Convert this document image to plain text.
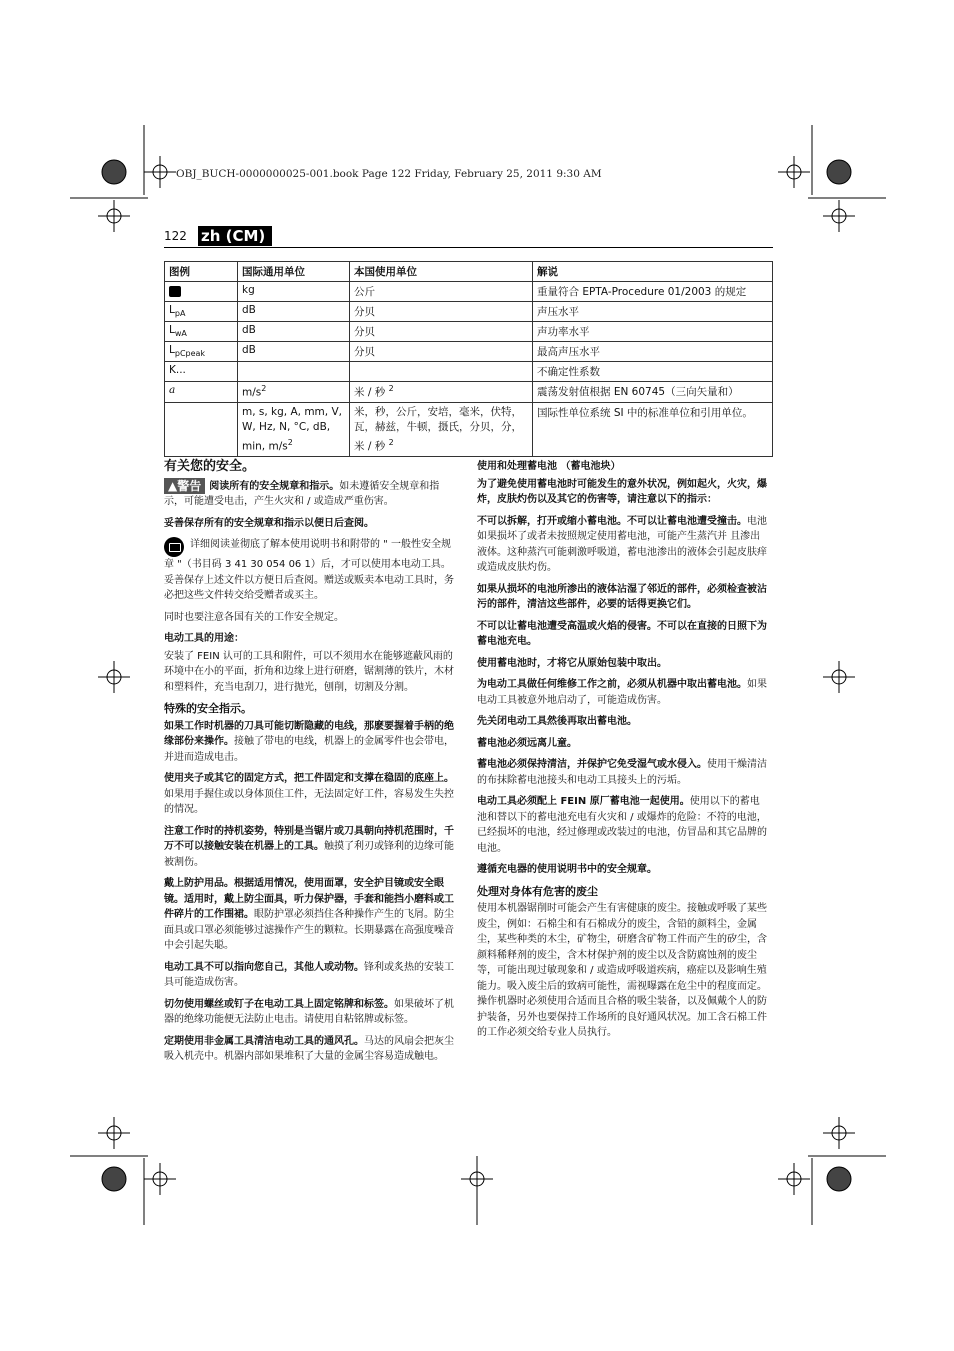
OBJ_BUCH-0000000025-001.book Page 122 Friday, February 25, 2011 9:30 AM
122 zh (CM)
图例	国际通用单位	本国使用单位	解说
	kg	公斤	重量符合 EPTA-Procedure 01/2003 的规定
$L_{pA}$	dB	分贝	声压水平
$L_{wA}$	dB	分贝	声功率水平
$L_{pCpeak}$	dB	分贝	最高声压水平
K...			不确定性系数
a	$m/s^2$	米 / 秒 $^2$	震荡发射值根据 EN 60745（三向矢量和）
	m, s, kg, A, mm, V, W, Hz, N, °C, dB, min, $m/s^2$	米，秒，公斤，安培，毫米，伏特，瓦，赫兹，牛顿，摄氏，分贝，分，米 / 秒 $^2$	国际性单位系统 SI 中的标准单位和引用单位。
有关您的安全。

▲警告 阅读所有的安全规章和指示。如未遵循安全规章和指示，可能遭受电击，产生火灾和 / 或造成严重伤害。

妥善保存所有的安全规章和指示以便日后查阅。

详细阅读並彻底了解本使用说明书和附带的 " 一般性安全规章 "（书目码 3 41 30 054 06 1）后，才可以使用本电动工具。妥善保存上述文件以方便日后查阅。赠送或贩卖本电动工具时，务必把这些文件转交给受赠者或买主。

同时也要注意各国有关的工作安全规定。

电动工具的用途：

安装了 FEIN 认可的工具和附件，可以不须用水在能够遮蔽风雨的环境中在小的平面，折角和边缘上进行研磨，锯割薄的铁片，木材和塑料件，充当电刮刀，进行抛光，刨削，切割及分割。

特殊的安全指示。

如果工作时机器的刀具可能切断隐藏的电线，那麽要握着手柄的绝缘部份来操作。接触了带电的电线，机器上的金属零件也会带电，并进而造成电击。

使用夹子或其它的固定方式，把工件固定和支撑在稳固的底座上。如果用手握住或以身体顶住工件，无法固定好工件，容易发生失控的情况。

注意工作时的持机姿势，特别是当锯片或刀具朝向持机范围时，千万不可以接触安装在机器上的工具。触摸了利刃或锋利的边缘可能被割伤。

戴上防护用品。根据适用情况，使用面罩，安全护目镜或安全眼镜。适用时，戴上防尘面具，听力保护器，手套和能挡小磨料或工件碎片的工作围裙。眼防护罩必须挡住各种操作产生的飞屑。防尘面具或口罩必须能够过滤操作产生的颗粒。长期暴露在高强度噪音中会引起失聪。

电动工具不可以指向您自己，其他人或动物。锋利或炙热的安装工具可能造成伤害。

切勿使用螺丝或钉子在电动工具上固定铭牌和标签。如果破坏了机器的绝缘功能便无法防止电击。请使用自粘铭牌或标签。

定期使用非金属工具清洁电动工具的通风孔。马达的风扇会把灰尘吸入机壳中。机器内部如果堆积了大量的金属尘容易造成触电。

使用和处理蓄电池 （蓄电池块）

为了避免使用蓄电池时可能发生的意外状况，例如起火，火灾，爆炸，皮肤灼伤以及其它的伤害等，请注意以下的指示：

不可以拆解，打开或缩小蓄电池。不可以让蓄电池遭受撞击。电池如果损坏了或者未按照规定使用蓄电池，可能产生蒸汽并 且渗出液体。这种蒸汽可能刺激呼吸道，蓄电池渗出的液体会引起皮肤痒或造成皮肤灼伤。

如果从损坏的电池所渗出的液体沾湿了邻近的部件，必须检查被沾污的部件，清洁这些部件，必要的话得更换它们。

不可以让蓄电池遭受高温或火焰的侵害。不可以在直接的日照下为蓄电池充电。

使用蓄电池时，才将它从原始包装中取出。

为电动工具做任何维修工作之前，必须从机器中取出蓄电池。如果电动工具被意外地启动了，可能造成伤害。

先关闭电动工具然後再取出蓄电池。

蓄电池必须远离儿童。

蓄电池必须保持清洁，并保护它免受湿气或水侵入。使用干燥清洁的布抹除蓄电池接头和电动工具接头上的污垢。

电动工具必须配上 FEIN 原厂蓄电池一起使用。使用以下的蓄电池和替以下的蓄电池充电有火灾和 / 或爆炸的危险：不符的电池，已经损坏的电池，经过修理或改装过的电池，仿冒品和其它品牌的电池。

遵循充电器的使用说明书中的安全规章。

处理对身体有危害的废尘

使用本机器锯削时可能会产生有害健康的废尘。接触或呼吸了某些废尘，例如：石棉尘和有石棉成分的废尘，含铅的颜料尘，金属尘，某些种类的木尘，矿物尘，研磨含矿物工件而产生的矽尘，含颜料稀释剂的废尘，含木材保护剂的废尘以及含防腐蚀剂的废尘等，可能出现过敏现象和 / 或造成呼吸道疾病，癌症以及影响生殖能力。吸入废尘后的致病可能性，需视曝露在危尘中的程度而定。操作机器时必须使用合适而且合格的吸尘装备，以及佩戴个人的防护装备，另外也要保持工作场所的良好通风状况。加工含石棉工件的工作必须交给专业人员执行。
